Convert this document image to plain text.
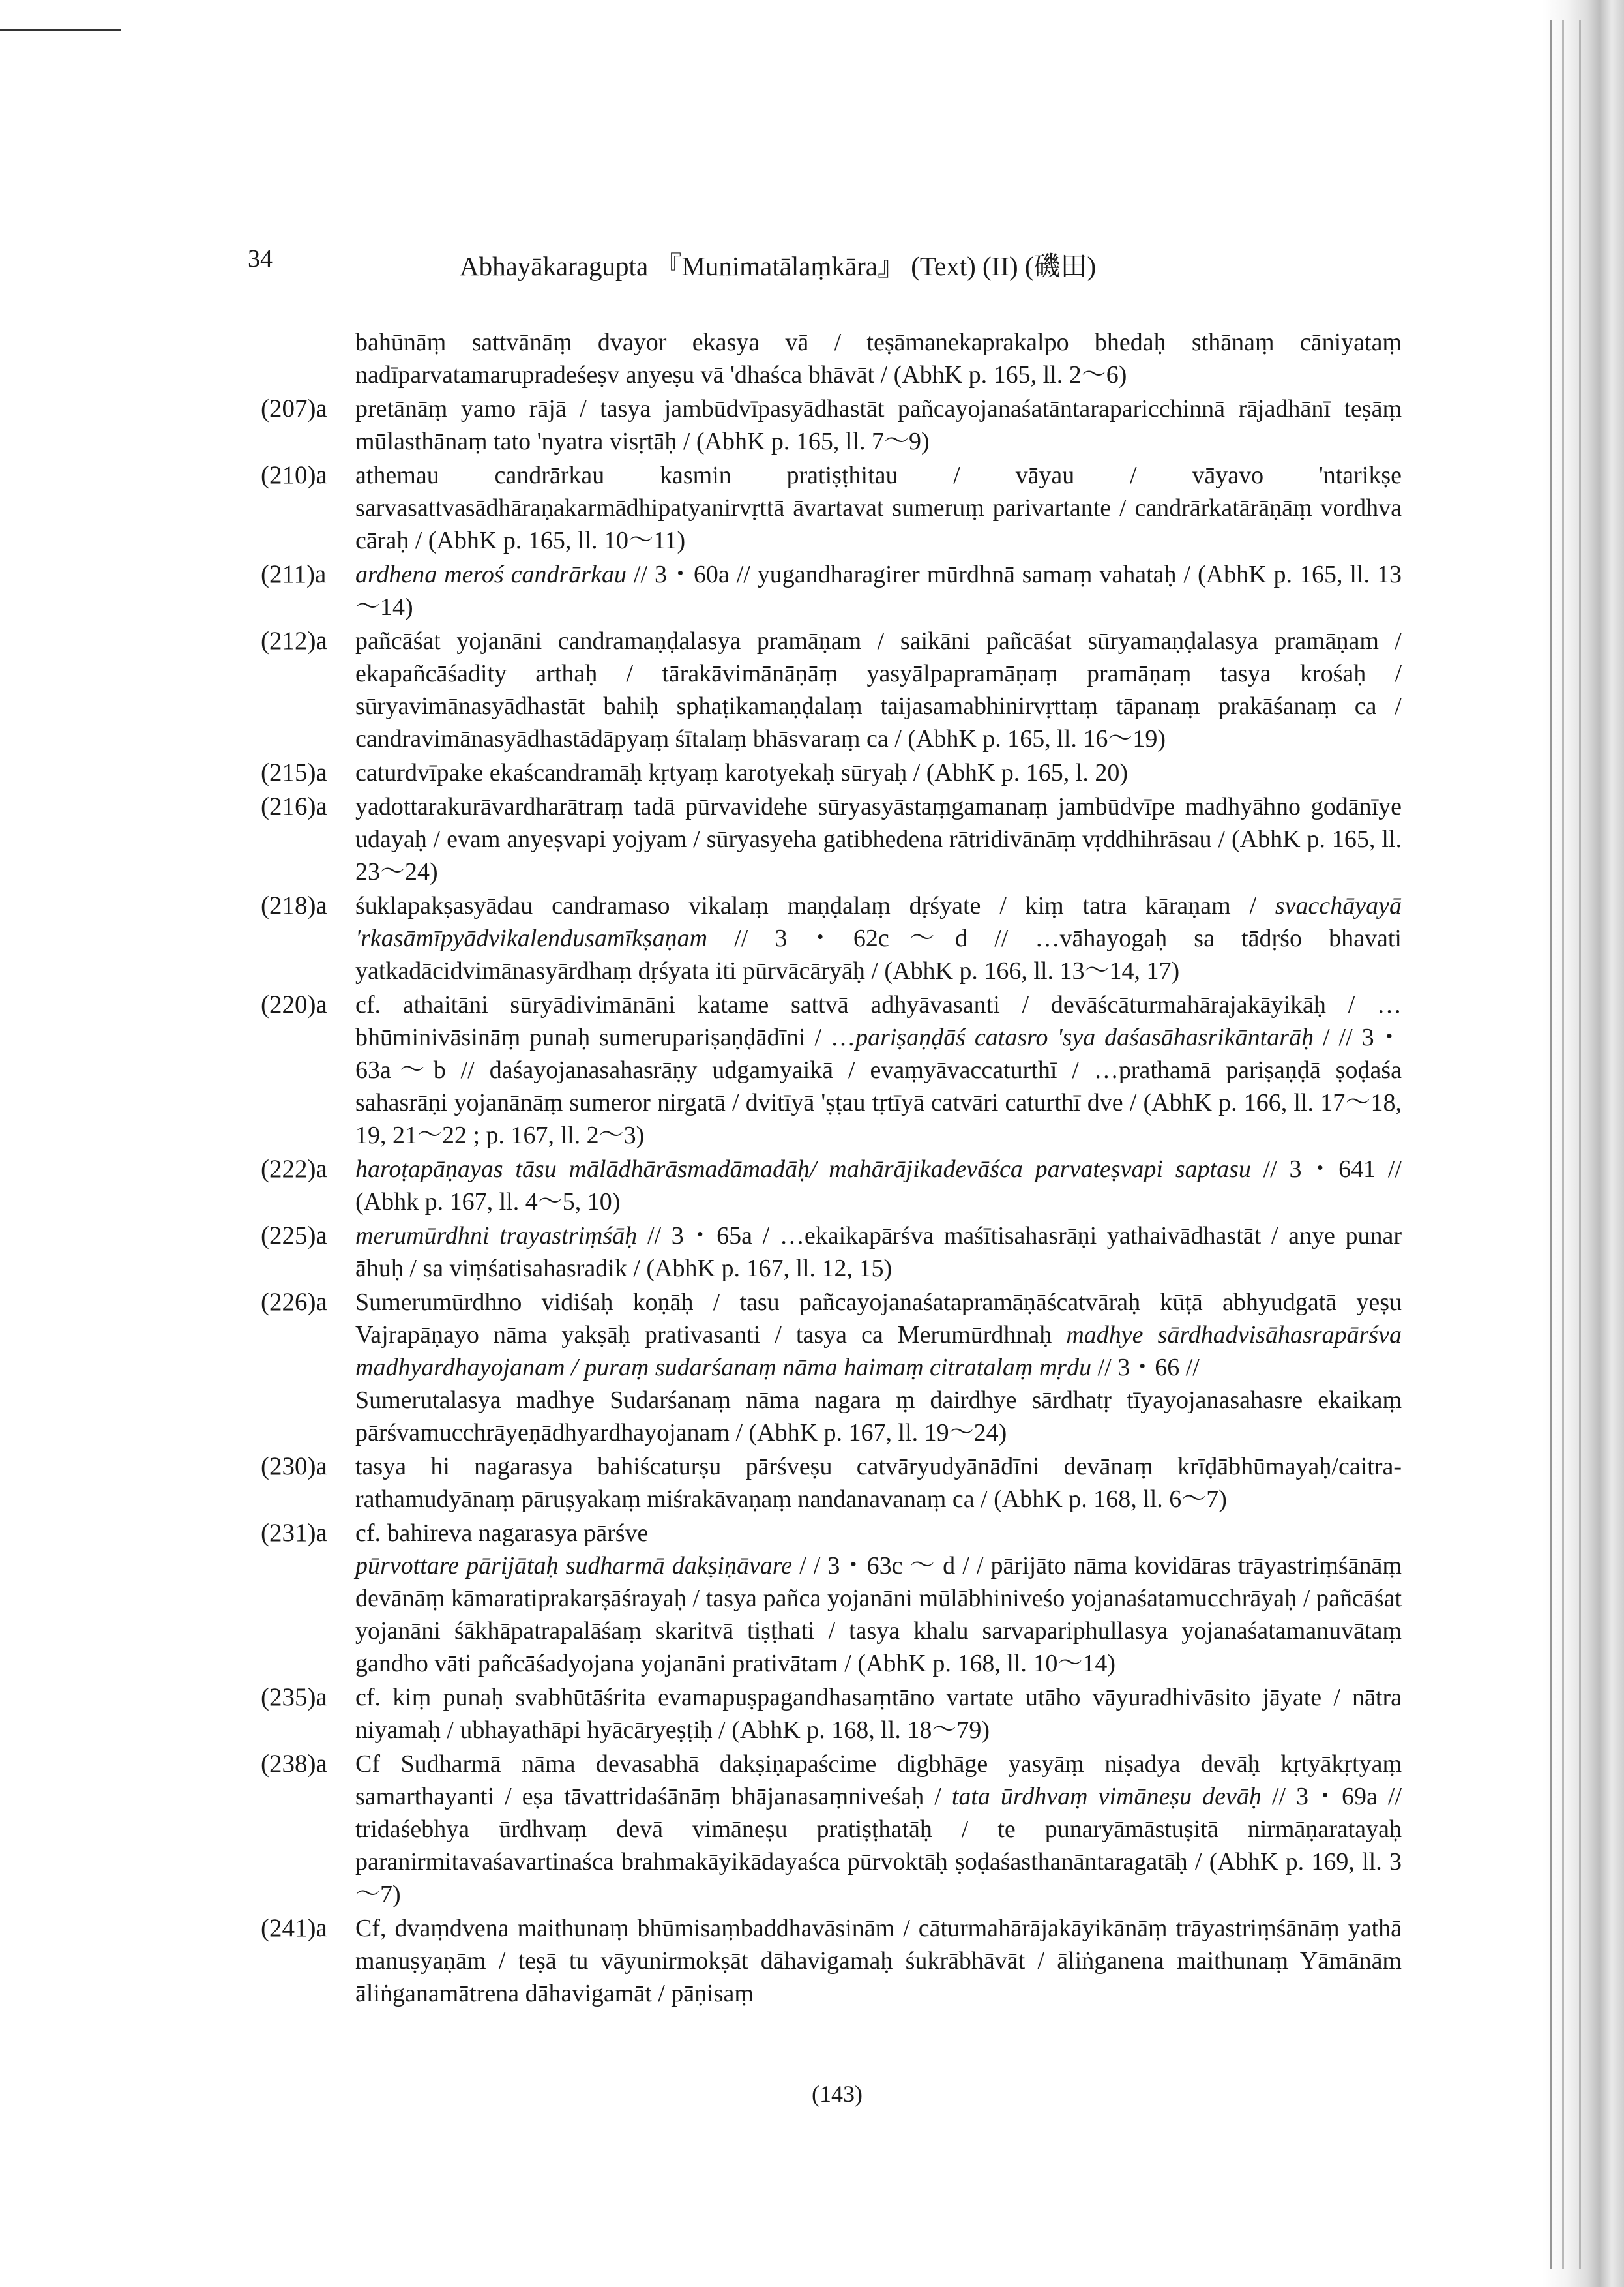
34	Abhayākaragupta 『Munimatālaṃkāra』 (Text) (II) (磯田)
bahūnāṃ sattvānāṃ dvayor ekasya vā / teṣāmanekaprakalpo bhedaḥ sthānaṃ cāniyataṃ nadīparvatamarupradeśeṣv anyeṣu vā 'dhaśca bhāvāt / (AbhK p. 165, ll. 2～6)
(207)a pretānāṃ yamo rājā / tasya jambūdvīpasyādhastāt pañcayojanaśatāntaraparicchinnā rājadhānī teṣāṃ mūlasthānaṃ tato 'nyatra visṛtāḥ / (AbhK p. 165, ll. 7～9)
(210)a athemau candrārkau kasmin pratiṣṭhitau / vāyau / vāyavo 'ntarikṣe sarvasattvasādhāraṇakarmādhipatyanirvṛttā āvartavat sumeruṃ parivartante / candrārkatārāṇāṃ vordhva cāraḥ / (AbhK p. 165, ll. 10～11)
(211)a ardhena meroś candrārkau // 3・60a // yugandharagirer mūrdhnā samaṃ vahataḥ / (AbhK p. 165, ll. 13～14)
(212)a pañcāśat yojanāni candramaṇḍalasya pramāṇam / saikāni pañcāśat sūryamaṇḍalasya pramāṇam / ekapañcāśadity arthaḥ / tārakāvimānāṇāṃ yasyālpapramāṇaṃ pramāṇaṃ tasya krośaḥ / sūryavimānasyādhastāt bahiḥ sphaṭikamaṇḍalaṃ taijasamabhinirvṛttaṃ tāpanaṃ prakāśanaṃ ca / candravimānasyādhastādāpyaṃ śītalaṃ bhāsvaraṃ ca / (AbhK p. 165, ll. 16～19)
(215)a caturdvīpake ekaścandramāḥ kṛtyaṃ karotyekaḥ sūryaḥ / (AbhK p. 165, l. 20)
(216)a yadottarakurāvardharātraṃ tadā pūrvavidehe sūryasyāstaṃgamanaṃ jambūdvīpe madhyāhno godānīye udayaḥ / evam anyeṣvapi yojyam / sūryasyeha gatibhedena rātridivānāṃ vṛddhihrāsau / (AbhK p. 165, ll. 23～24)
(218)a śuklapakṣasyādau candramaso vikalaṃ maṇḍalaṃ dṛśyate / kiṃ tatra kāraṇam / svacchāyayā 'rkasāmīpyādvikalendusamīkṣaṇam // 3・62c～d // …vāhayogaḥ sa tādṛśo bhavati yatkadācidvimānasyārdhaṃ dṛśyata iti pūrvācāryāḥ / (AbhK p. 166, ll. 13～14, 17)
(220)a cf. athaitāni sūryādivimānāni katame sattvā adhyāvasanti / devāścāturmahārajakāyikāḥ / …bhūminivāsināṃ punaḥ sumerupariṣaṇḍādīni / …pariṣaṇḍāś catasro 'sya daśasāhasrikāntarāḥ / // 3・63a～b // daśayojanasahasrāṇy udgamyaikā / evaṃyāvaccaturthī / …prathamā pariṣaṇḍā ṣoḍaśa sahasrāṇi yojanānāṃ sumeror nirgatā / dvitīyā 'ṣṭau tṛtīyā catvāri caturthī dve / (AbhK p. 166, ll. 17～18, 19, 21～22 ; p. 167, ll. 2～3)
(222)a haroṭapāṇayas tāsu mālādhārāsmadāmadāḥ/ mahārājikadevāśca parvateṣvapi saptasu // 3・641 // (Abhk p. 167, ll. 4～5, 10)
(225)a merumūrdhni trayastriṃśāḥ // 3・65a / …ekaikapārśva maśītisahasrāṇi yathaivādhastāt / anye punar āhuḥ / sa viṃśatisahasradik / (AbhK p. 167, ll. 12, 15)
(226)a Sumerumūrdhno vidiśaḥ koṇāḥ / tasu pañcayojanaśatapramāṇāścatvāraḥ kūṭā abhyudgatā yeṣu Vajrapāṇayo nāma yakṣāḥ prativasanti / tasya ca Merumūrdhnaḥ madhye sārdhadvisāhasrapārśva madhyardhayojanam / puraṃ sudarśanaṃ nāma haimaṃ citratalaṃ mṛdu // 3・66 //
Sumerutalasya madhye Sudarśanaṃ nāma nagara ṃ dairdhye sārdhatṛ tīyayojanasahasre ekaikaṃ pārśvamucchrāyeṇādhyardhayojanam / (AbhK p. 167, ll. 19～24)
(230)a tasya hi nagarasya bahiścaturṣu pārśveṣu catvāryudyānādīni devānaṃ krīḍābhūmayaḥ/caitra-rathamudyānaṃ pāruṣyakaṃ miśrakāvaṇaṃ nandanavanaṃ ca / (AbhK p. 168, ll. 6～7)
(231)a cf. bahireva nagarasya pārśve
pūrvottare pārijātaḥ sudharmā dakṣiṇāvare / / 3・63c ～ d / / pārijāto nāma kovidāras trāyastriṃśānāṃ devānāṃ kāmaratiprakarṣāśrayaḥ / tasya pañca yojanāni mūlābhiniveśo yojanaśatamucchrāyaḥ / pañcāśat yojanāni śākhāpatrapalāśaṃ skaritvā tiṣṭhati / tasya khalu sarvapariphullasya yojanaśatamanuvātaṃ gandho vāti pañcāśadyojana yojanāni prativātam / (AbhK p. 168, ll. 10～14)
(235)a cf. kiṃ punaḥ svabhūtāśrita evamapuṣpagandhasaṃtāno vartate utāho vāyuradhivāsito jāyate / nātra niyamaḥ / ubhayathāpi hyācāryeṣṭiḥ / (AbhK p. 168, ll. 18～79)
(238)a Cf Sudharmā nāma devasabhā dakṣiṇapaścime digbhāge yasyāṃ niṣadya devāḥ kṛtyākṛtyaṃ samarthayanti / eṣa tāvattridaśānāṃ bhājanasaṃniveśaḥ / tata ūrdhvaṃ vimāneṣu devāḥ // 3・69a // tridaśebhya ūrdhvaṃ devā vimāneṣu pratiṣṭhatāḥ / te punaryāmāstuṣitā nirmāṇaratayaḥ paranirmitavaśavartinaśca brahmakāyikādayaśca pūrvoktāḥ ṣoḍaśasthanāntaragatāḥ / (AbhK p. 169, ll. 3～7)
(241)a Cf, dvaṃdvena maithunaṃ bhūmisaṃbaddhavāsinām / cāturmahārājakāyikānāṃ trāyastriṃśānāṃ yathā manuṣyaṇām / teṣā tu vāyunirmokṣāt dāhavigamaḥ śukrābhāvāt / āliṅganena maithunaṃ Yāmānām āliṅganamātrena dāhavigamāt / pāṇisaṃ
(143)
